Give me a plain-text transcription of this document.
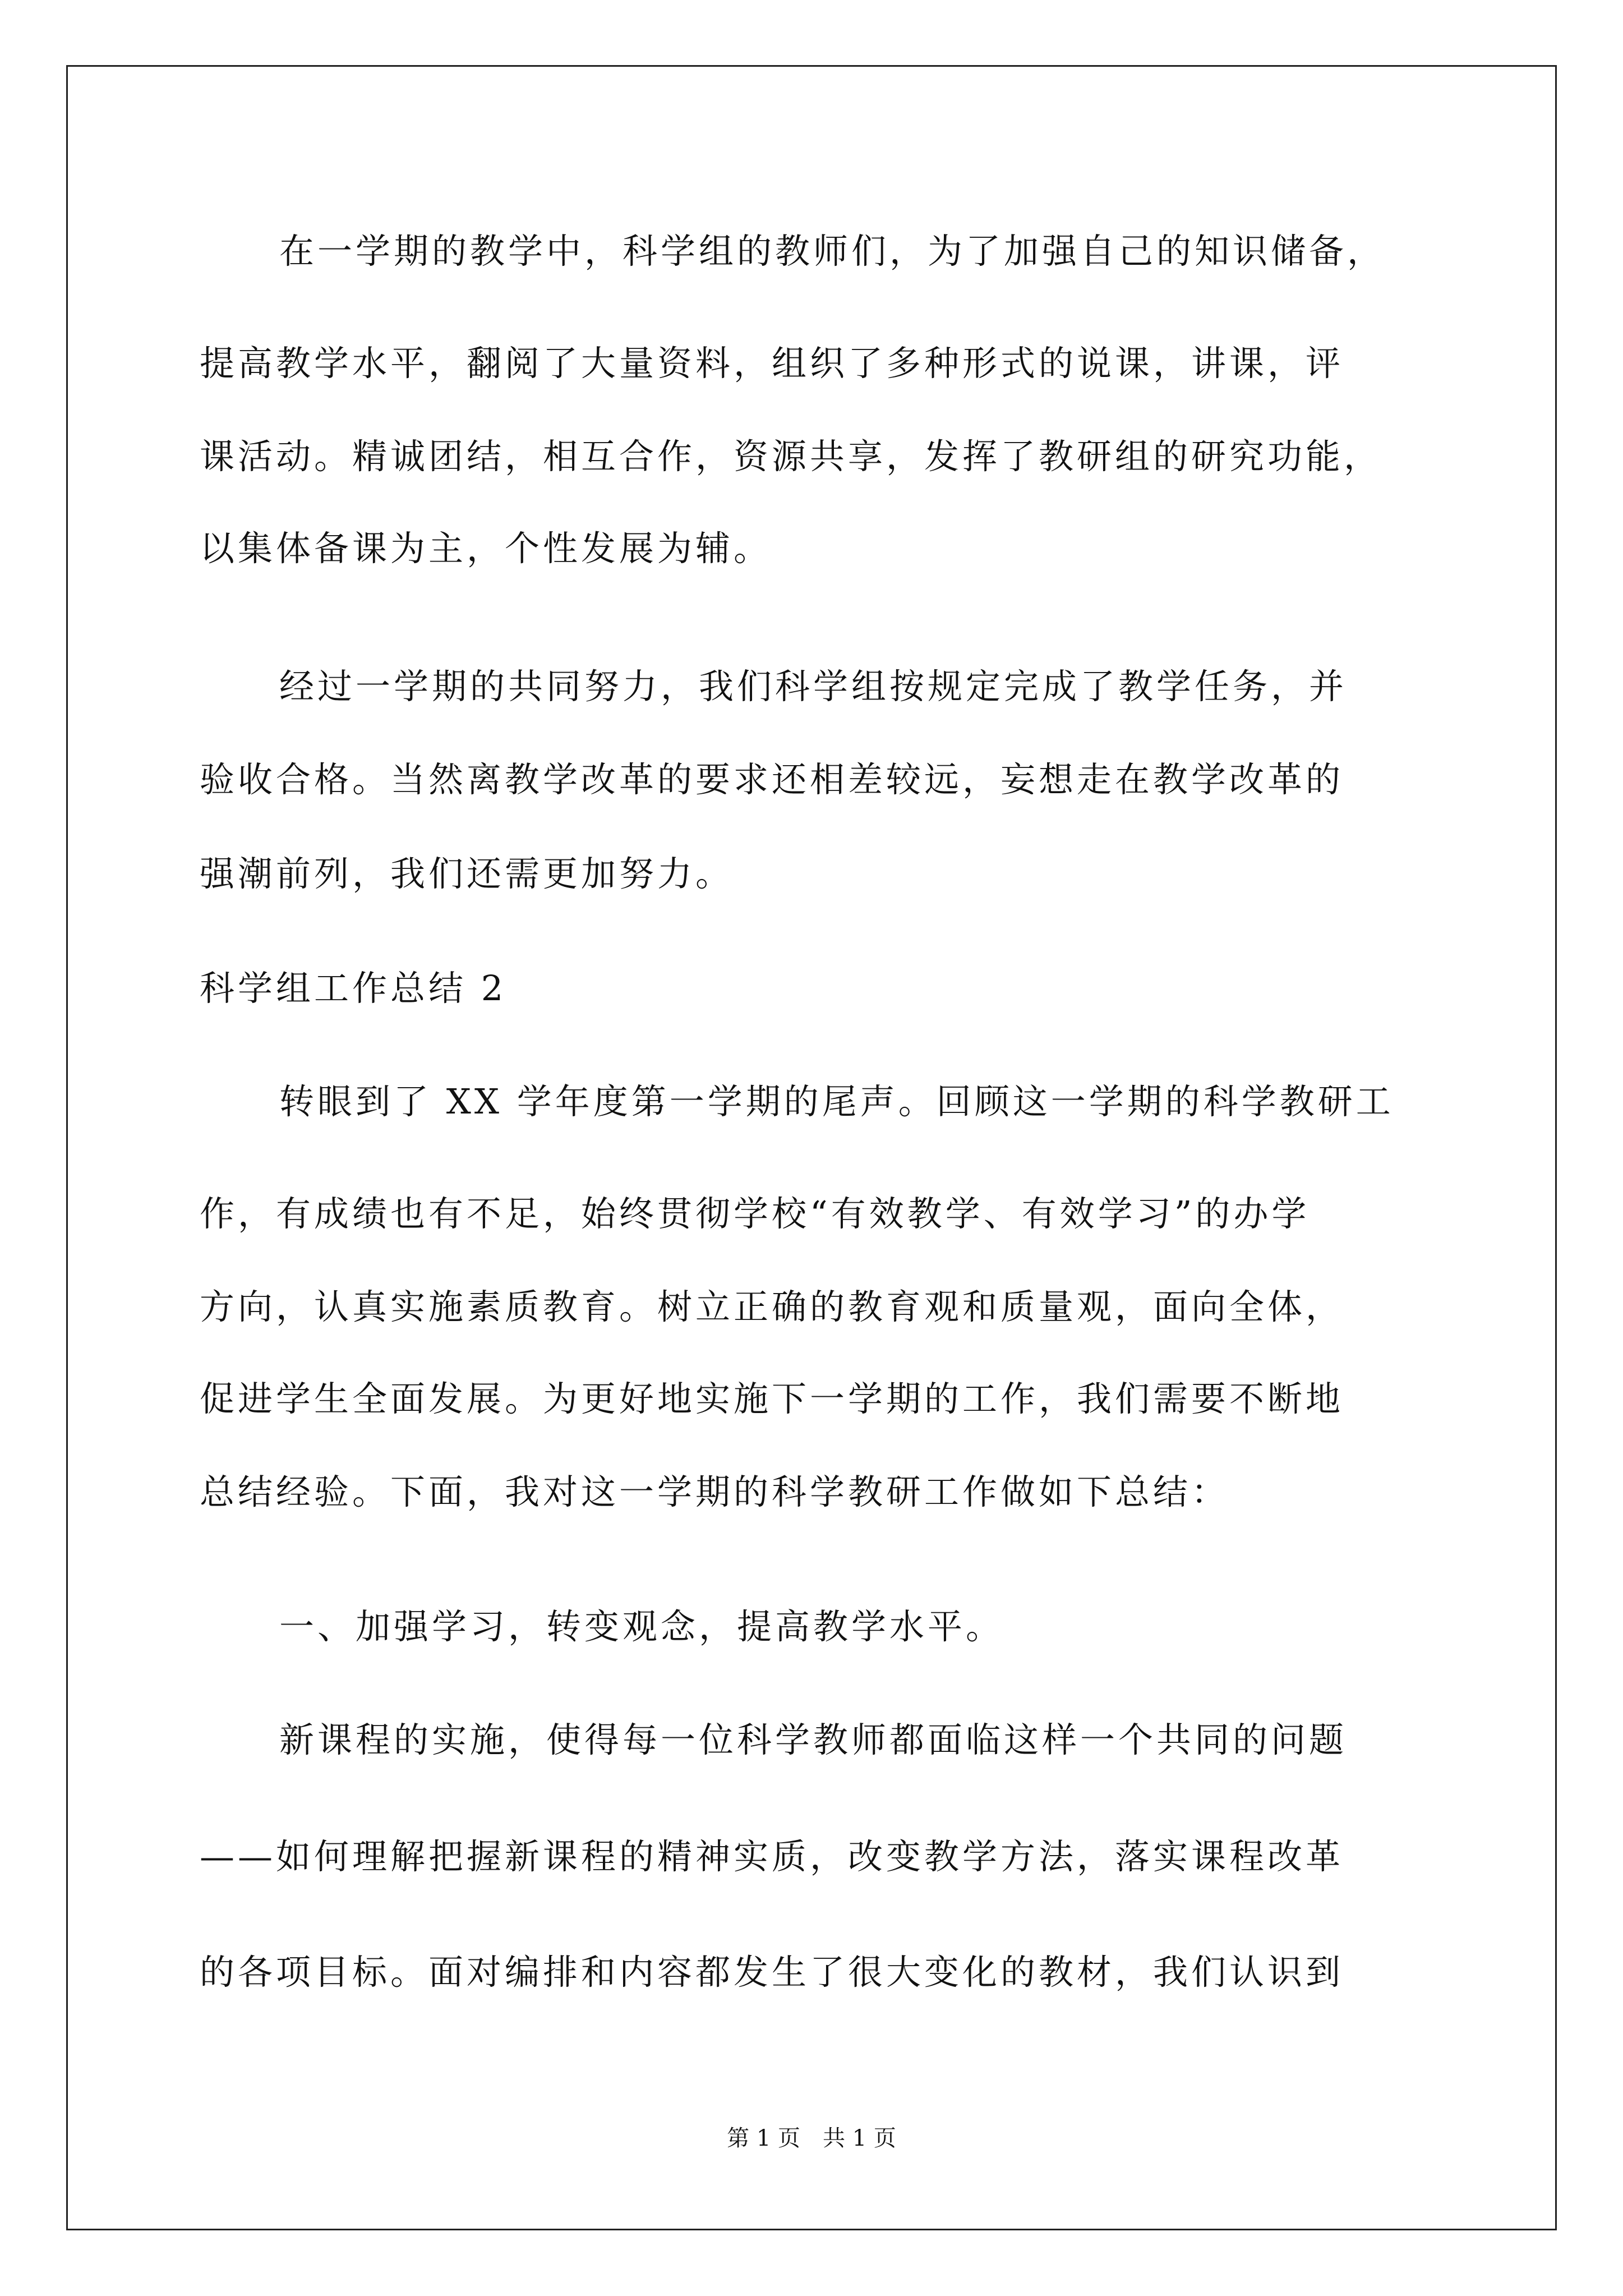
在一学期的教学中，科学组的教师们，为了加强自己的知识储备，
提高教学水平，翻阅了大量资料，组织了多种形式的说课，讲课，评
课活动。精诚团结，相互合作，资源共享，发挥了教研组的研究功能，
以集体备课为主，个性发展为辅。
经过一学期的共同努力，我们科学组按规定完成了教学任务，并
验收合格。当然离教学改革的要求还相差较远，妄想走在教学改革的
强潮前列，我们还需更加努力。
科学组工作总结 2
转眼到了 XX 学年度第一学期的尾声。回顾这一学期的科学教研工
作，有成绩也有不足，始终贯彻学校“有效教学、有效学习”的办学
方向，认真实施素质教育。树立正确的教育观和质量观，面向全体，
促进学生全面发展。为更好地实施下一学期的工作，我们需要不断地
总结经验。下面，我对这一学期的科学教研工作做如下总结：
一、加强学习，转变观念，提高教学水平。
新课程的实施，使得每一位科学教师都面临这样一个共同的问题
——如何理解把握新课程的精神实质，改变教学方法，落实课程改革
的各项目标。面对编排和内容都发生了很大变化的教材，我们认识到
第 1 页　共 1 页
